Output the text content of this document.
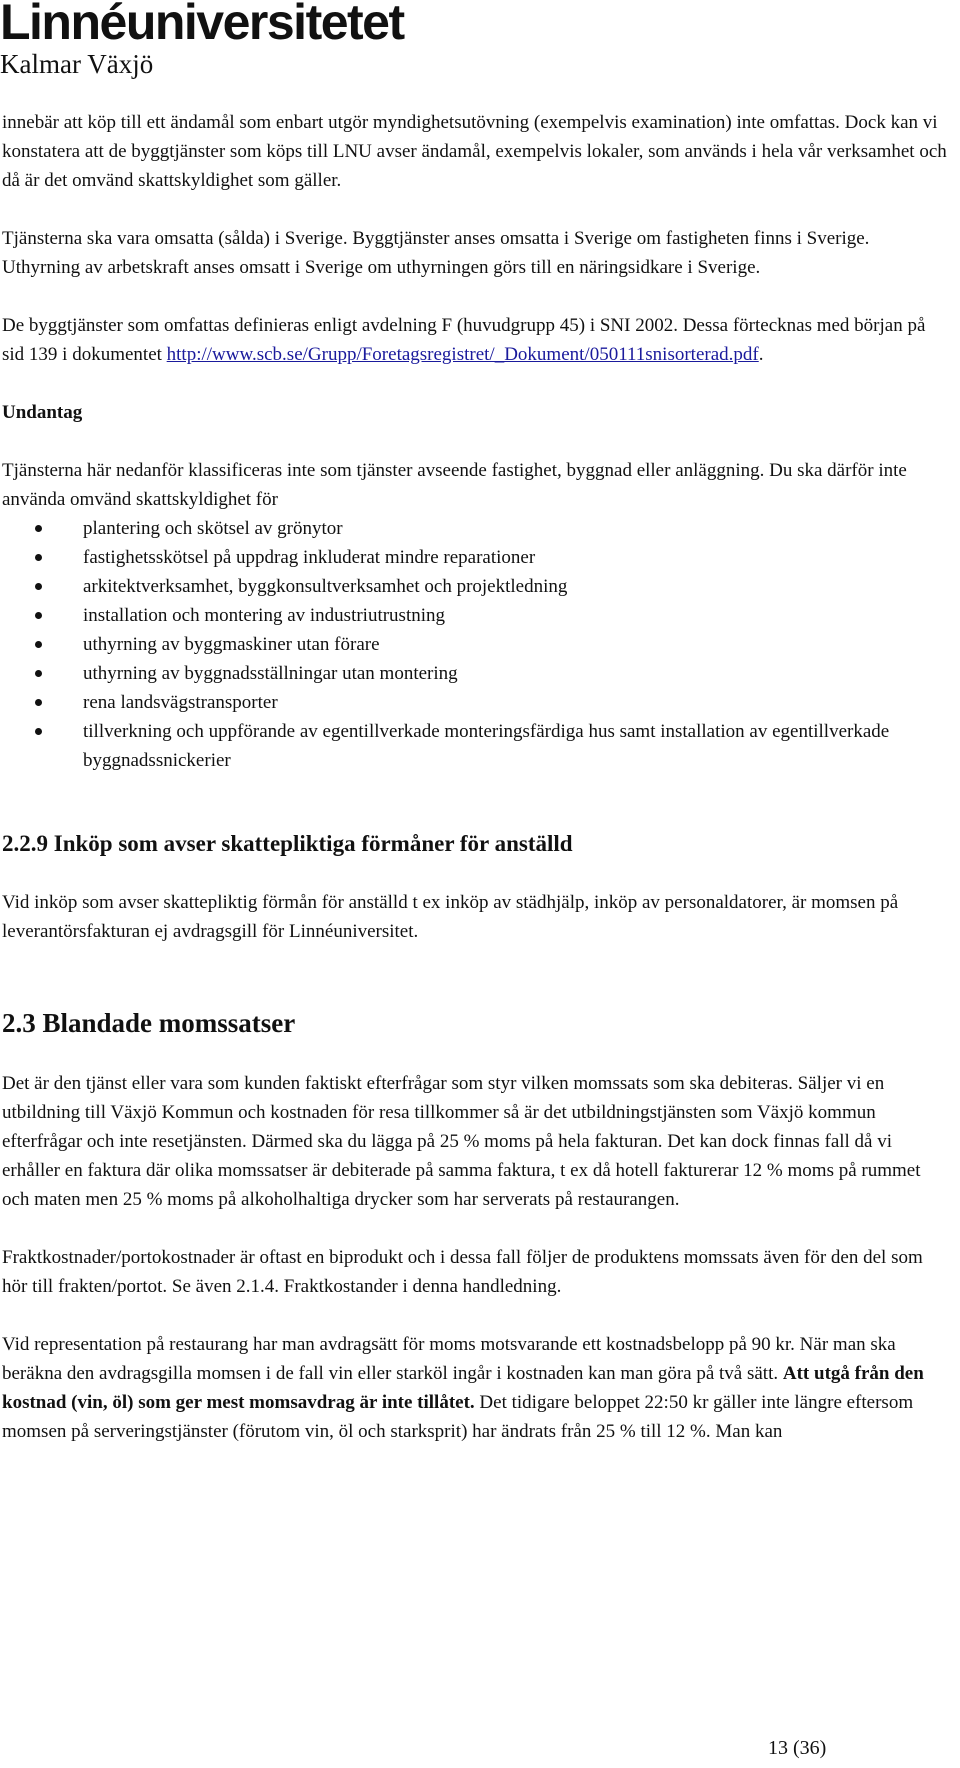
Linnéuniversitetet
Kalmar Växjö

innebär att köp till ett ändamål som enbart utgör myndighetsutövning (exempelvis examination) inte omfattas. Dock kan vi konstatera att de byggtjänster som köps till LNU avser ändamål, exempelvis lokaler, som används i hela vår verksamhet och då är det omvänd skattskyldighet som gäller.

Tjänsterna ska vara omsatta (sålda) i Sverige. Byggtjänster anses omsatta i Sverige om fastigheten finns i Sverige. Uthyrning av arbetskraft anses omsatt i Sverige om uthyrningen görs till en näringsidkare i Sverige.

De byggtjänster som omfattas definieras enligt avdelning F (huvudgrupp 45) i SNI 2002. Dessa förtecknas med början på sid 139 i dokumentet http://www.scb.se/Grupp/Foretagsregistret/_Dokument/050111snisorterad.pdf.

Undantag

Tjänsterna här nedanför klassificeras inte som tjänster avseende fastighet, byggnad eller anläggning. Du ska därför inte använda omvänd skattskyldighet för

plantering och skötsel av grönytor
fastighetsskötsel på uppdrag inkluderat mindre reparationer
arkitektverksamhet, byggkonsultverksamhet och projektledning
installation och montering av industriutrustning
uthyrning av byggmaskiner utan förare
uthyrning av byggnadsställningar utan montering
rena landsvägstransporter
tillverkning och uppförande av egentillverkade monteringsfärdiga hus samt installation av egentillverkade byggnadssnickerier
2.2.9 Inköp som avser skattepliktiga förmåner för anställd

Vid inköp som avser skattepliktig förmån för anställd t ex inköp av städhjälp, inköp av personaldatorer, är momsen på leverantörsfakturan ej avdragsgill för Linnéuniversitet.

2.3 Blandade momssatser

Det är den tjänst eller vara som kunden faktiskt efterfrågar som styr vilken momssats som ska debiteras. Säljer vi en utbildning till Växjö Kommun och kostnaden för resa tillkommer så är det utbildningstjänsten som Växjö kommun efterfrågar och inte resetjänsten. Därmed ska du lägga på 25 % moms på hela fakturan. Det kan dock finnas fall då vi erhåller en faktura där olika momssatser är debiterade på samma faktura, t ex då hotell fakturerar 12 % moms på rummet och maten men 25 % moms på alkoholhaltiga drycker som har serverats på restaurangen.

Fraktkostnader/portokostnader är oftast en biprodukt och i dessa fall följer de produktens momssats även för den del som hör till frakten/portot. Se även 2.1.4. Fraktkostander i denna handledning.

Vid representation på restaurang har man avdragsätt för moms motsvarande ett kostnadsbelopp på 90 kr. När man ska beräkna den avdragsgilla momsen i de fall vin eller starköl ingår i kostnaden kan man göra på två sätt. Att utgå från den kostnad (vin, öl) som ger mest momsavdrag är inte tillåtet. Det tidigare beloppet 22:50 kr gäller inte längre eftersom momsen på serveringstjänster (förutom vin, öl och starksprit) har ändrats från 25 % till 12 %. Man kan

13 (36)
